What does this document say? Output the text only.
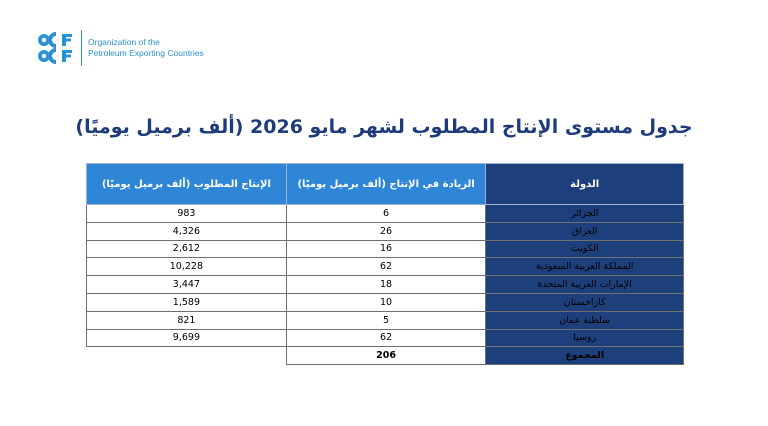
Organization of the
Petroleum Exporting Countries
جدول مستوى الإنتاج المطلوب لشهر مايو 2026 (ألف برميل يوميًا)
الدولة	الزيادة في الإنتاج (ألف برميل يوميًا)	الإنتاج المطلوب (ألف برميل يوميًا)
الجزائر	6	983
العراق	26	4,326
الكويت	16	2,612
المملكة العربية السعودية	62	10,228
الإمارات العربية المتحدة	18	3,447
كازاخستان	10	1,589
سلطنة عمان	5	821
روسيا	62	9,699
المجموع	206	
